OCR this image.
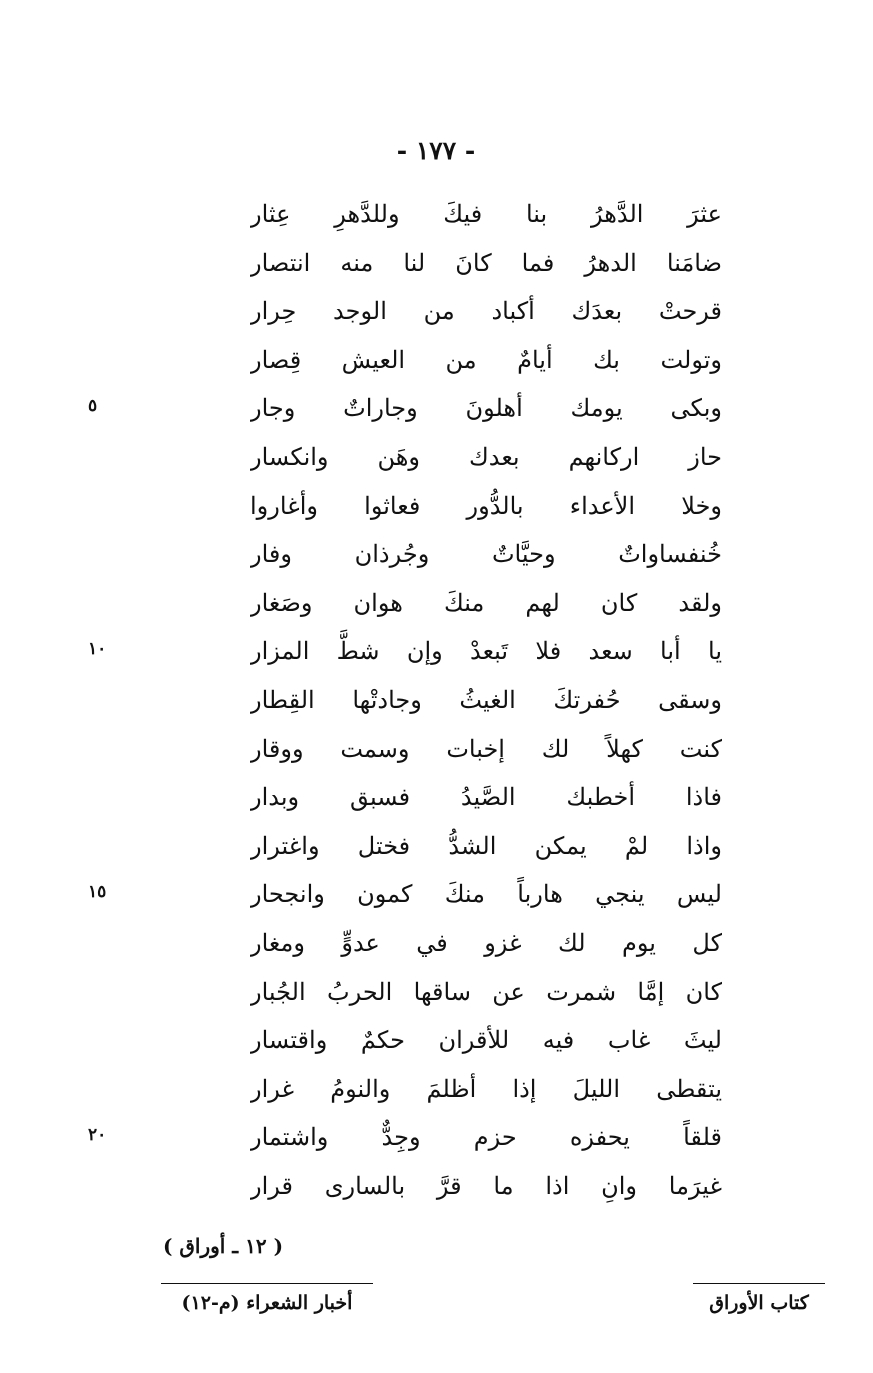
- ١٧٧ -
عثرَ الدَّهرُ بنا فيكَ وللدَّهرِ عِثار
ضامَنا الدهرُ فما كانَ لنا منه انتصار
قرحتْ بعدَك أكباد من الوجد حِرار
وتولت بك أيامٌ من العيش قِصار
وبكى يومك أهلونَ وجاراتٌ وجار
حاز اركانهم بعدك وهَن وانكسار
وخلا الأعداء بالدُّور فعاثوا وأغاروا
خُنفساواتٌ وحيَّاتٌ وجُرذان وفار
ولقد كان لهم منكَ هوان وصَغار
يا أبا سعد فلا تَبعدْ وإن شطَّ المزار
وسقى حُفرتكَ الغيثُ وجادتْها القِطار
كنت كهلاً لك إخبات وسمت ووقار
فاذا أخطبك الصَّيدُ فسبق وبدار
واذا لمْ يمكن الشدُّ فختل واغترار
ليس ينجي هارباً منكَ كمون وانجحار
كل يوم لك غزو في عدوٍّ ومغار
كان إمَّا شمرت عن ساقها الحربُ الجُبار
ليثَ غاب فيه للأقران حكمٌ واقتسار
يتقطى الليلَ إذا أظلمَ والنومُ غرار
قلقاً يحفزه حزم وجِدٌّ واشتمار
غيرَما وانِ اذا ما قرَّ بالسارى قرار
٥
١٠
١٥
٢٠
( ١٢ ـ أوراق )
أخبار الشعراء (م-١٢)	كتاب الأوراق
